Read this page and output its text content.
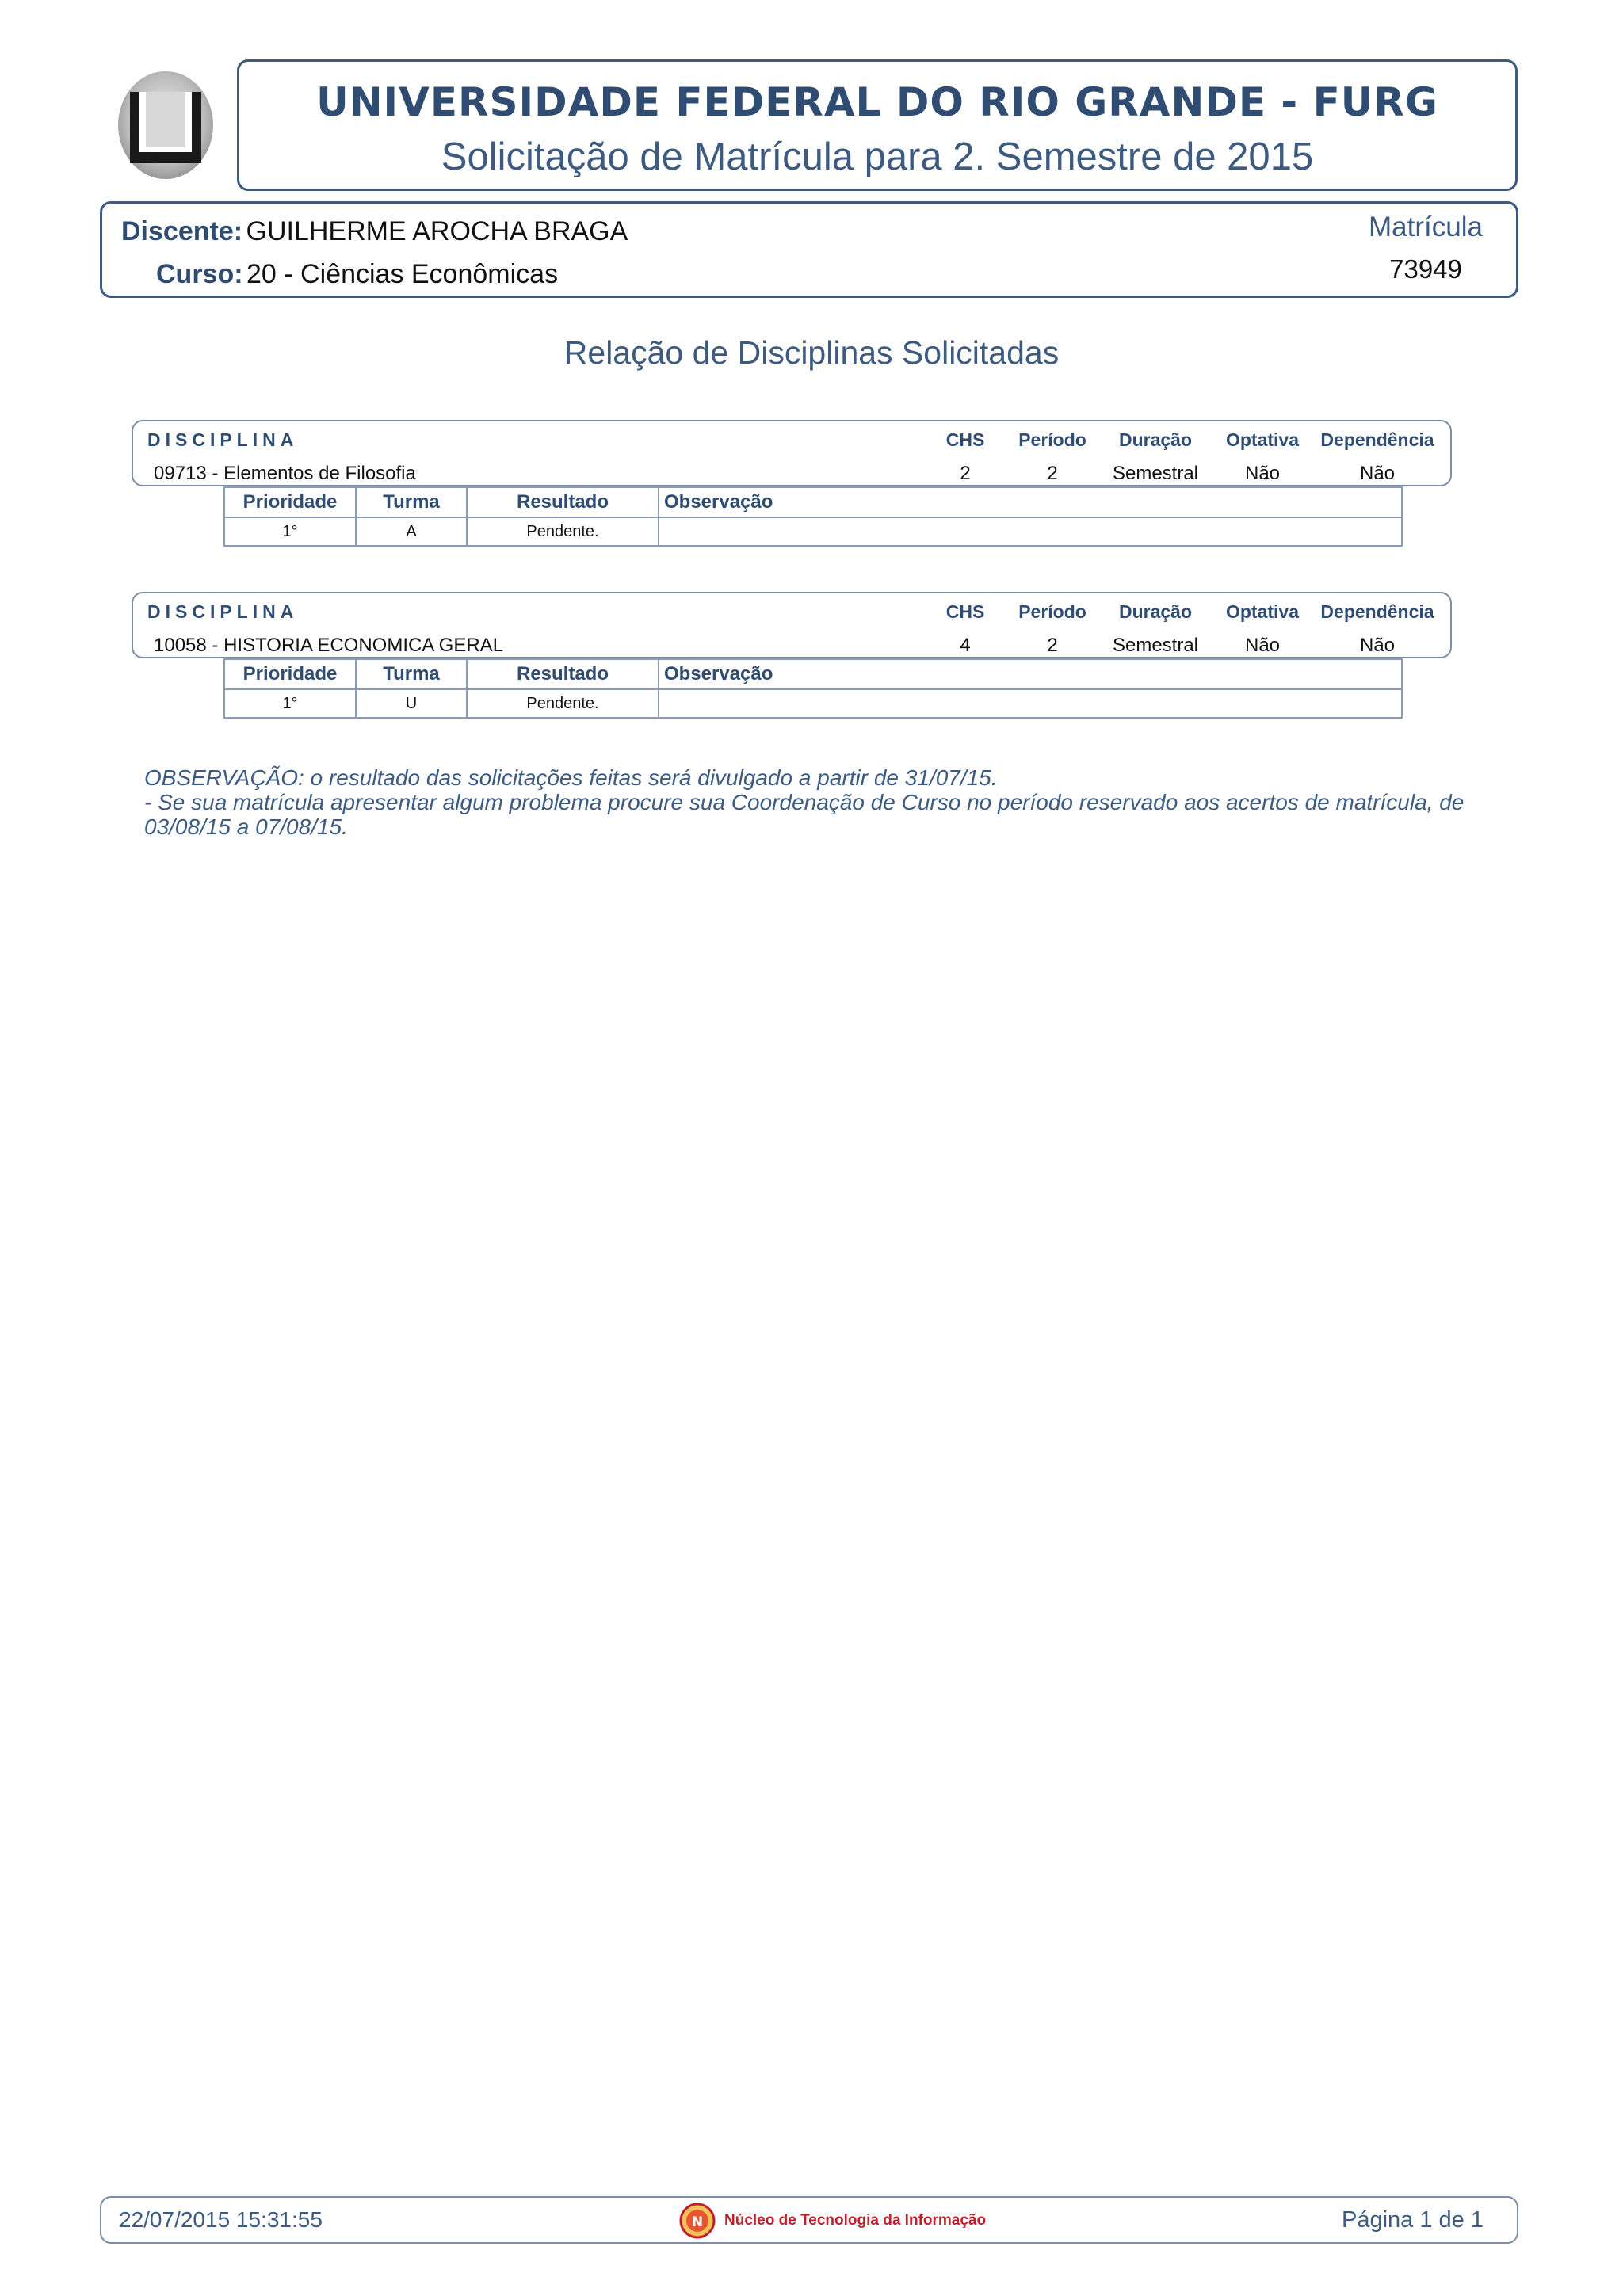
UNIVERSIDADE FEDERAL DO RIO GRANDE - FURG
Solicitação de Matrícula para 2. Semestre de 2015
Discente: GUILHERME AROCHA BRAGA
Curso: 20 - Ciências Econômicas
Matrícula
73949
Relação de Disciplinas Solicitadas
DISCIPLINA	CHS	Período	Duração	Optativa	Dependência
09713 - Elementos de Filosofia	2	2	Semestral	Não	Não
Prioridade	Turma	Resultado	Observação
1°	A	Pendente.	
DISCIPLINA	CHS	Período	Duração	Optativa	Dependência
10058 - HISTORIA ECONOMICA GERAL	4	2	Semestral	Não	Não
Prioridade	Turma	Resultado	Observação
1°	U	Pendente.	
OBSERVAÇÃO: o resultado das solicitações feitas será divulgado a partir de 31/07/15.
- Se sua matrícula apresentar algum problema procure sua Coordenação de Curso no período reservado aos acertos de matrícula, de 03/08/15 a 07/08/15.
22/07/2015 15:31:55	N Núcleo de Tecnologia da Informação	Página 1 de 1
